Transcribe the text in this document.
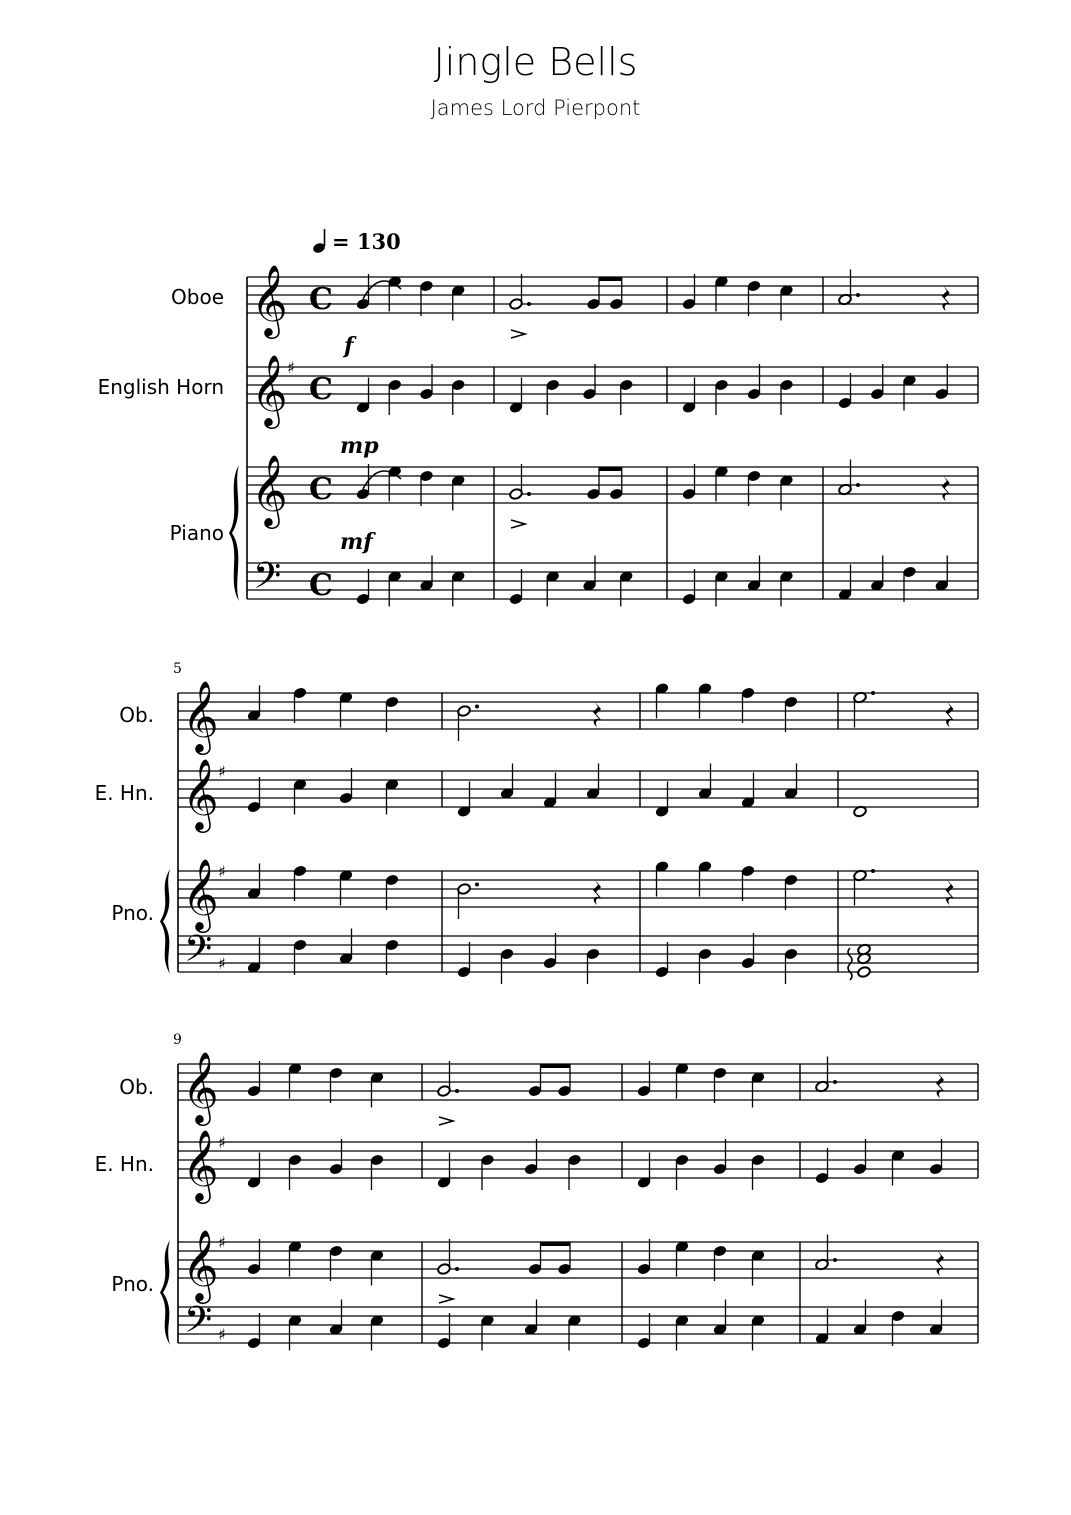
Jingle Bells
James Lord Pierpont
= 130
Oboe
English Horn
Piano
Ob.
E. Hn.
Pno.
Ob.
E. Hn.
Pno.
5
9
𝄞
𝄞
𝄞
𝄢
♯
C
C
C
C
f
mp
mf
𝄞
𝄞
𝄞
𝄢
♯
♯
♯
𝄞
𝄞
𝄞
𝄢
♯
♯
♯
